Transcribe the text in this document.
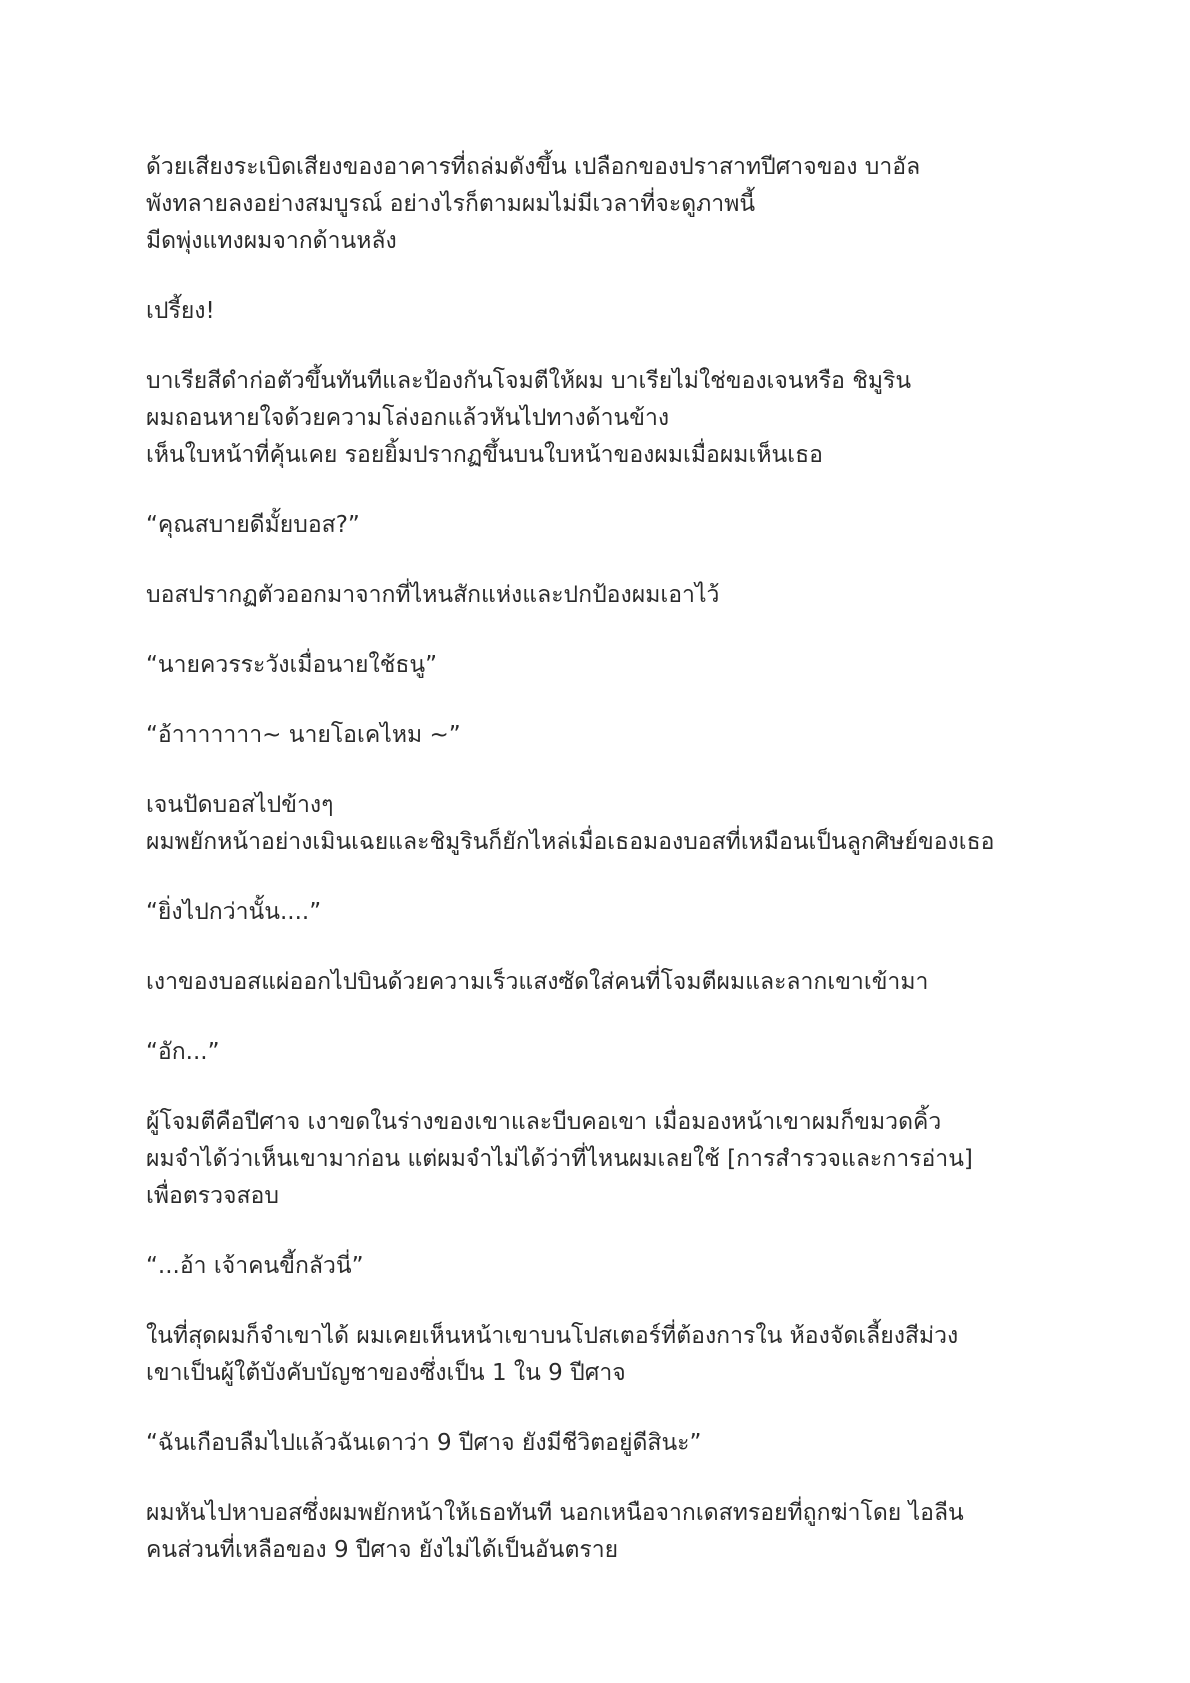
ด้วยเสียงระเบิดเสียงของอาคารที่ถล่มดังขึ้น เปลือกของปราสาทปีศาจของ บาอัล
พังทลายลงอย่างสมบูรณ์ อย่างไรก็ตามผมไม่มีเวลาที่จะดูภาพนี้
มีดพุ่งแทงผมจากด้านหลัง

เปรี้ยง!

บาเรียสีดำก่อตัวขึ้นทันทีและป้องกันโจมตีให้ผม บาเรียไม่ใช่ของเจนหรือ ชิมูริน
ผมถอนหายใจด้วยความโล่งอกแล้วหันไปทางด้านข้าง
เห็นใบหน้าที่คุ้นเคย รอยยิ้มปรากฏขึ้นบนใบหน้าของผมเมื่อผมเห็นเธอ

“คุณสบายดีมั้ยบอส?”

บอสปรากฏตัวออกมาจากที่ไหนสักแห่งและปกป้องผมเอาไว้

“นายควรระวังเมื่อนายใช้ธนู”

“อ้าาาาาาา~ นายโอเคไหม ~”

เจนปัดบอสไปข้างๆ
ผมพยักหน้าอย่างเมินเฉยและชิมูรินก็ยักไหล่เมื่อเธอมองบอสที่เหมือนเป็นลูกศิษย์ของเธอ

“ยิ่งไปกว่านั้น....”

เงาของบอสแผ่ออกไปบินด้วยความเร็วแสงซัดใส่คนที่โจมตีผมและลากเขาเข้ามา

“อัก...”

ผู้โจมตีคือปีศาจ เงาขดในร่างของเขาและบีบคอเขา เมื่อมองหน้าเขาผมก็ขมวดคิ้ว
ผมจำได้ว่าเห็นเขามาก่อน แต่ผมจำไม่ได้ว่าที่ไหนผมเลยใช้ [การสำรวจและการอ่าน]
เพื่อตรวจสอบ

“...อ้า เจ้าคนขี้กลัวนี่”

ในที่สุดผมก็จำเขาได้ ผมเคยเห็นหน้าเขาบนโปสเตอร์ที่ต้องการใน ห้องจัดเลี้ยงสีม่วง
เขาเป็นผู้ใต้บังคับบัญชาของซึ่งเป็น 1 ใน 9 ปีศาจ

“ฉันเกือบลืมไปแล้วฉันเดาว่า 9 ปีศาจ ยังมีชีวิตอยู่ดีสินะ”

ผมหันไปหาบอสซึ่งผมพยักหน้าให้เธอทันที นอกเหนือจากเดสทรอยที่ถูกฆ่าโดย ไอลีน
คนส่วนที่เหลือของ 9 ปีศาจ ยังไม่ได้เป็นอันตราย
